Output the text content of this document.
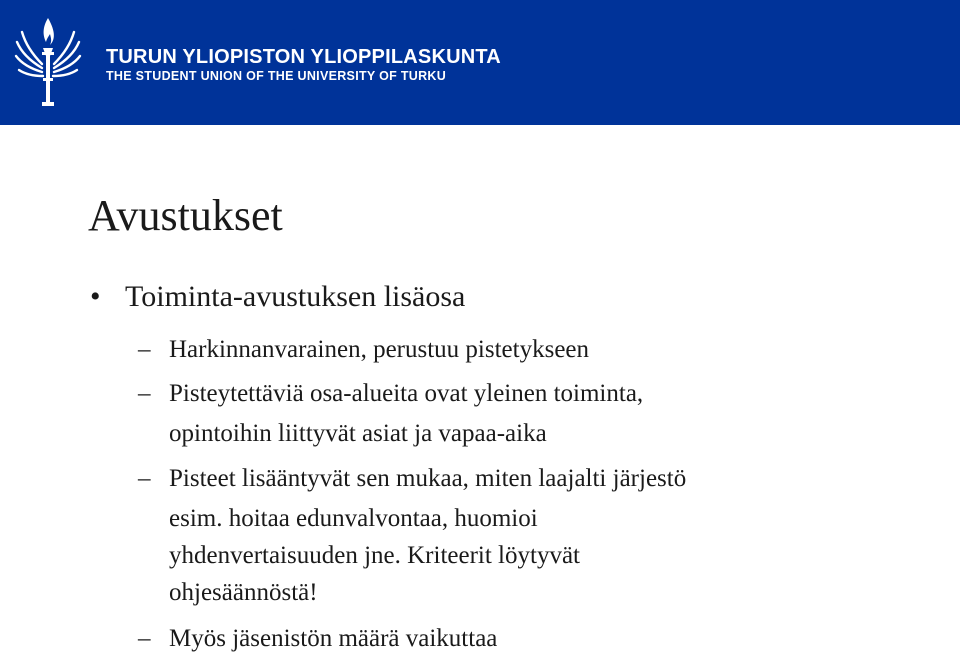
TURUN YLIOPISTON YLIOPPILASKUNTA
THE STUDENT UNION OF THE UNIVERSITY OF TURKU
Avustukset
• Toiminta-avustuksen lisäosa
– Harkinnanvarainen, perustuu pistetykseen
– Pisteytettäviä osa-alueita ovat yleinen toiminta,
opintoihin liittyvät asiat ja vapaa-aika
– Pisteet lisääntyvät sen mukaa, miten laajalti järjestö
esim. hoitaa edunvalvontaa, huomioi
yhdenvertaisuuden jne. Kriteerit löytyvät
ohjesäännöstä!
– Myös jäsenistön määrä vaikuttaa
